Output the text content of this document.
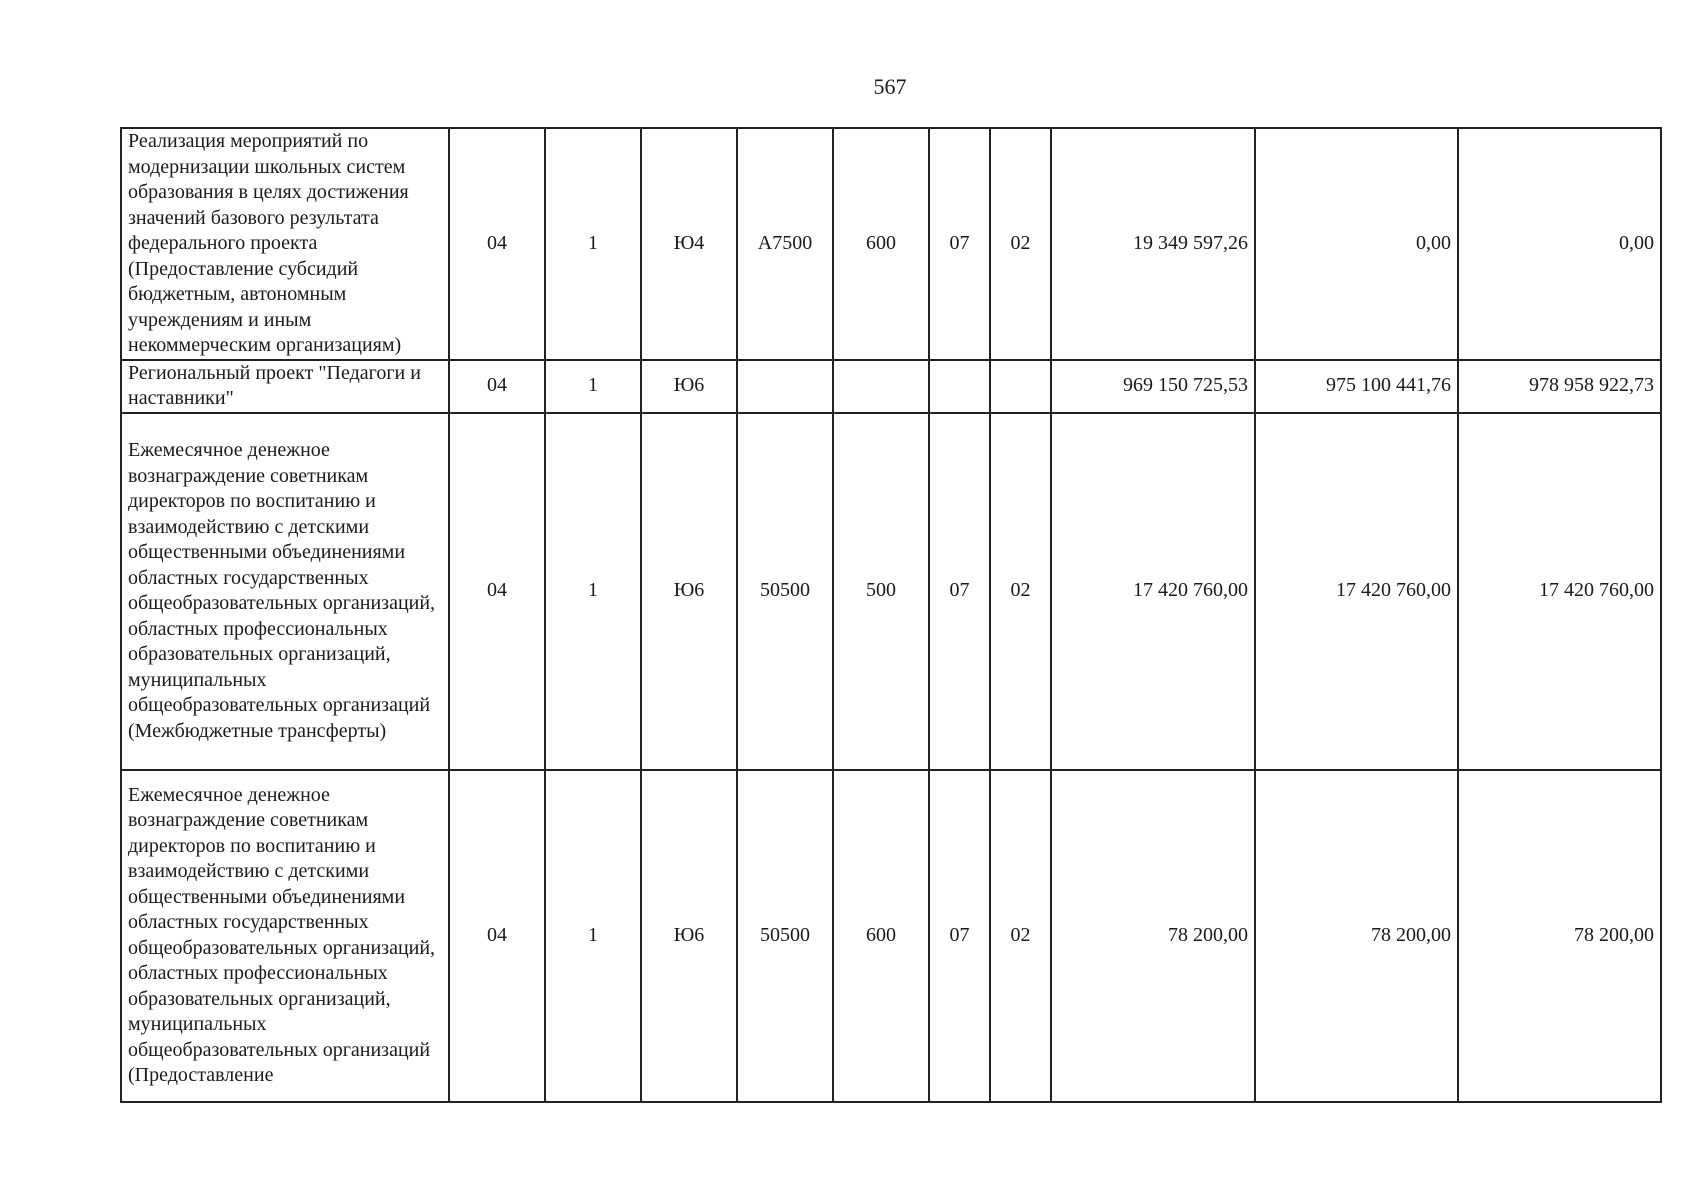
567
Реализация мероприятий по модернизации школьных систем образования в целях достижения значений базового результата федерального проекта (Предоставление субсидий бюджетным, автономным учреждениям и иным некоммерческим организациям)	04	1	Ю4	А7500	600	07	02	19 349 597,26	0,00	0,00
Региональный проект "Педагоги и наставники"	04	1	Ю6					969 150 725,53	975 100 441,76	978 958 922,73
Ежемесячное денежное вознаграждение советникам директоров по воспитанию и взаимодействию с детскими общественными объединениями областных государственных общеобразовательных организаций, областных профессиональных образовательных организаций, муниципальных общеобразовательных организаций (Межбюджетные трансферты)	04	1	Ю6	50500	500	07	02	17 420 760,00	17 420 760,00	17 420 760,00
Ежемесячное денежное вознаграждение советникам директоров по воспитанию и взаимодействию с детскими общественными объединениями областных государственных общеобразовательных организаций, областных профессиональных образовательных организаций, муниципальных общеобразовательных организаций (Предоставление	04	1	Ю6	50500	600	07	02	78 200,00	78 200,00	78 200,00
